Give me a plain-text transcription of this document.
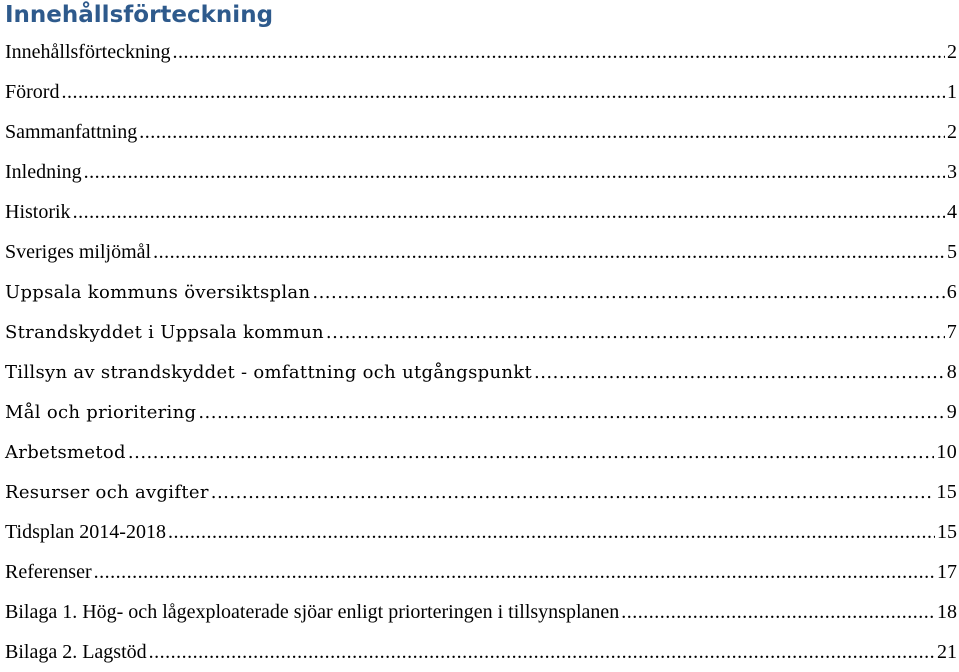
Innehållsförteckning
Innehållsförteckning .....	2
Förord .....	1
Sammanfattning .....	2
Inledning .....	3
Historik .....	4
Sveriges miljömål .....	5
Uppsala kommuns översiktsplan .....	6
Strandskyddet i Uppsala kommun .....	7
Tillsyn av strandskyddet - omfattning och utgångspunkt .....	8
Mål och prioritering .....	9
Arbetsmetod .....	10
Resurser och avgifter .....	15
Tidsplan 2014-2018 .....	15
Referenser .....	17
Bilaga 1. Hög- och lågexploaterade sjöar enligt priorteringen i tillsynsplanen .....	18
Bilaga 2. Lagstöd .....	21
